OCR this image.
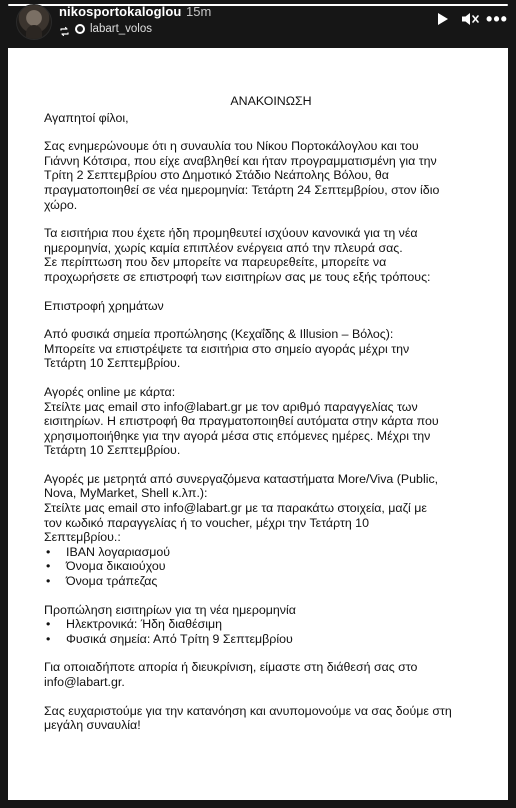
nikosportokaloglou 15m
labart_volos	•••
ΑΝΑΚΟΙΝΩΣΗ
Αγαπητοί φίλοι,
Σας ενημερώνουμε ότι η συναυλία του Νίκου Πορτοκάλογλου και του
Γιάννη Κότσιρα, που είχε αναβληθεί και ήταν προγραμματισμένη για την
Τρίτη 2 Σεπτεμβρίου στο Δημοτικό Στάδιο Νεάπολης Βόλου, θα
πραγματοποιηθεί σε νέα ημερομηνία: Τετάρτη 24 Σεπτεμβρίου, στον ίδιο
χώρο.
Τα εισιτήρια που έχετε ήδη προμηθευτεί ισχύουν κανονικά για τη νέα
ημερομηνία, χωρίς καμία επιπλέον ενέργεια από την πλευρά σας.
Σε περίπτωση που δεν μπορείτε να παρευρεθείτε, μπορείτε να
προχωρήσετε σε επιστροφή των εισιτηρίων σας με τους εξής τρόπους:
Επιστροφή χρημάτων
Από φυσικά σημεία προπώλησης (Κεχαΐδης & Illusion – Βόλος):
Μπορείτε να επιστρέψετε τα εισιτήρια στο σημείο αγοράς μέχρι την
Τετάρτη 10 Σεπτεμβρίου.
Αγορές online με κάρτα:
Στείλτε μας email στο info@labart.gr με τον αριθμό παραγγελίας των
εισιτηρίων. Η επιστροφή θα πραγματοποιηθεί αυτόματα στην κάρτα που
χρησιμοποιήθηκε για την αγορά μέσα στις επόμενες ημέρες. Μέχρι την
Τετάρτη 10 Σεπτεμβρίου.
Αγορές με μετρητά από συνεργαζόμενα καταστήματα More/Viva (Public,
Nova, MyMarket, Shell κ.λπ.):
Στείλτε μας email στο info@labart.gr με τα παρακάτω στοιχεία, μαζί με
τον κωδικό παραγγελίας ή το voucher, μέχρι την Τετάρτη 10
Σεπτεμβρίου.:
• IBAN λογαριασμού
• Όνομα δικαιούχου
• Όνομα τράπεζας
Προπώληση εισιτηρίων για τη νέα ημερομηνία
• Ηλεκτρονικά: Ήδη διαθέσιμη
• Φυσικά σημεία: Από Τρίτη 9 Σεπτεμβρίου
Για οποιαδήποτε απορία ή διευκρίνιση, είμαστε στη διάθεσή σας στο
info@labart.gr.
Σας ευχαριστούμε για την κατανόηση και ανυπομονούμε να σας δούμε στη
μεγάλη συναυλία!
